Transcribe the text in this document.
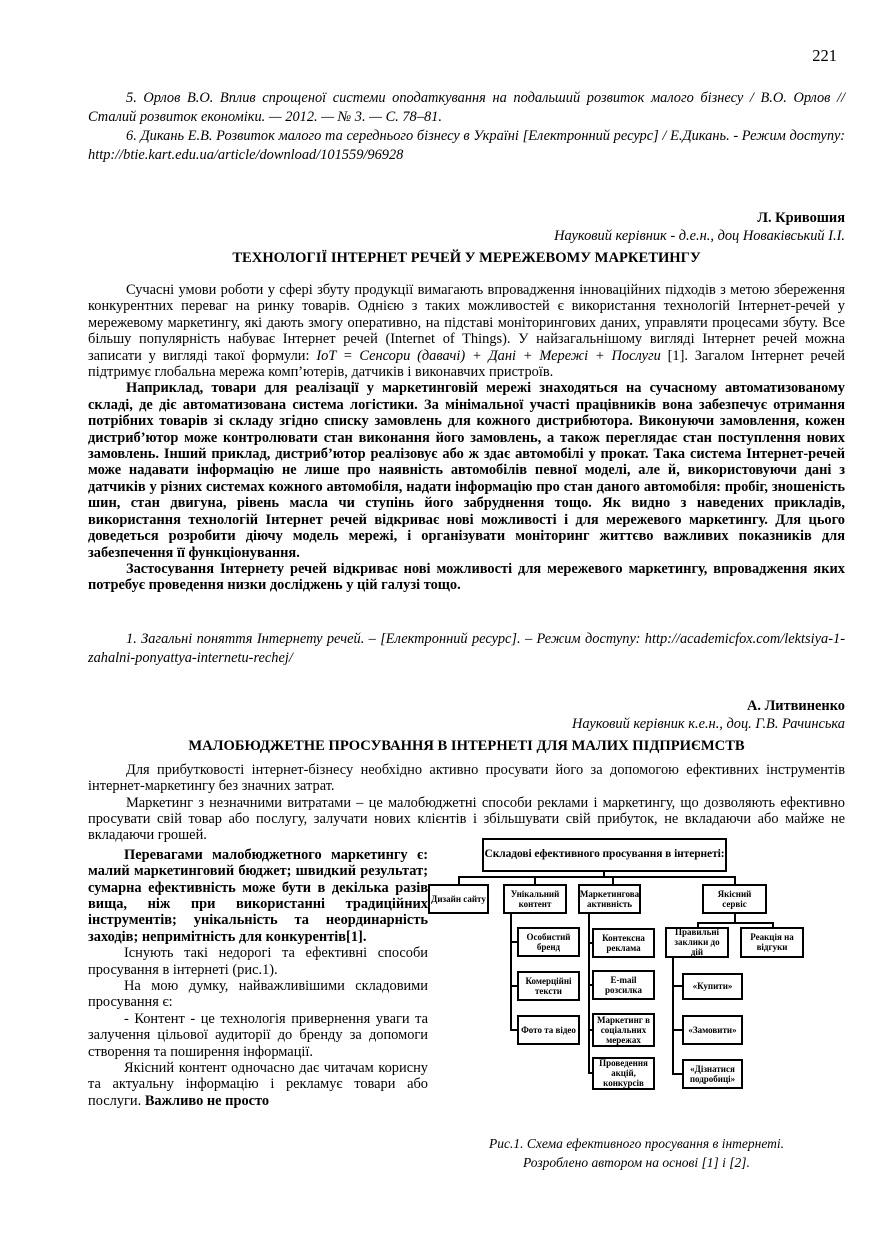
221

5. Орлов В.О. Вплив спрощеної системи оподаткування на подальший розвиток малого бізнесу / В.О. Орлов // Сталий розвиток економіки. — 2012. — № 3. — С. 78–81.

6. Дикань Е.В. Розвиток малого та середнього бізнесу в Україні [Електронний ресурс] / Е.Дикань. - Режим доступу: http://btie.kart.edu.ua/article/download/101559/96928

Л. Кривошия
Науковий керівник - д.е.н., доц Новаківський І.І.
ТЕХНОЛОГІЇ ІНТЕРНЕТ РЕЧЕЙ У МЕРЕЖЕВОМУ МАРКЕТИНГУ

Сучасні умови роботи у сфері збуту продукції вимагають впровадження інноваційних підходів з метою збереження конкурентних переваг на ринку товарів. Однією з таких можливостей є використання технологій Інтернет-речей у мережевому маркетингу, які дають змогу оперативно, на підставі моніторингових даних, управляти процесами збуту. Все більшу популярність набуває Інтернет речей (Internet of Things). У найзагальнішому вигляді Інтернет речей можна записати у вигляді такої формули: IoT = Сенсори (давачі) + Дані + Мережі + Послуги [1]. Загалом Інтернет речей підтримує глобальна мережа комп’ютерів, датчиків і виконавчих пристроїв.

Наприклад, товари для реалізації у маркетинговій мережі знаходяться на сучасному автоматизованому складі, де діє автоматизована система логістики. За мінімальної участі працівників вона забезпечує отримання потрібних товарів зі складу згідно списку замовлень для кожного дистрибютора. Виконуючи замовлення, кожен дистриб’ютор може контролювати стан виконання його замовлень, а також переглядає стан поступлення нових замовлень. Інший приклад, дистриб’ютор реалізовує або ж здає автомобілі у прокат. Така система Інтернет-речей може надавати інформацію не лише про наявність автомобілів певної моделі, але й, використовуючи дані з датчиків у різних системах кожного автомобіля, надати інформацію про стан даного автомобіля: пробіг, зношеність шин, стан двигуна, рівень масла чи ступінь його забруднення тощо. Як видно з наведених прикладів, використання технологій Інтернет речей відкриває нові можливості і для мережевого маркетингу. Для цього доведеться розробити діючу модель мережі, і організувати моніторинг життєво важливих показників для забезпечення її функціонування.

Застосування Інтернету речей відкриває нові можливості для мережевого маркетингу, впровадження яких потребує проведення низки досліджень у цій галузі тощо.

1. Загальні поняття Інтернету речей. – [Електронний ресурс]. – Режим доступу: http://academicfox.com/lektsiya-1-zahalni-ponyattya-internetu-rechej/

А. Литвиненко
Науковий керівник к.е.н., доц. Г.В. Рачинська
МАЛОБЮДЖЕТНЕ ПРОСУВАННЯ В ІНТЕРНЕТІ ДЛЯ МАЛИХ ПІДПРИЄМСТВ

Для прибутковості інтернет-бізнесу необхідно активно просувати його за допомогою ефективних інструментів інтернет-маркетингу без значних затрат.

Маркетинг з незначними витратами – це малобюджетні способи реклами і маркетингу, що дозволяють ефективно просувати свій товар або послугу, залучати нових клієнтів і збільшувати свій прибуток, не вкладаючи або майже не вкладаючи грошей.

Перевагами малобюджетного маркетингу є: малий маркетинговий бюджет; швидкий результат; сумарна ефективність може бути в декілька разів вища, ніж при використанні традиційних інструментів; унікальність та неординарність заходів; непримітність для конкурентів[1].

Існують такі недорогі та ефективні способи просування в інтернеті (рис.1).

На мою думку, найважливішими складовими просування є:

- Контент - це технологія привернення уваги та залучення цільової аудиторії до бренду за допомоги створення та поширення інформації.

Якісний контент одночасно дає читачам корисну та актуальну інформацію і рекламує товари або послуги. Важливо не просто

Складові ефективного просування в інтернеті:
Дизайн сайту
Унікальний контент
Маркетингова активність
Якісний сервіс
Правильні заклики до дій
Реакція на відгуки
Особистий бренд
Комерційні тексти
Фото та відео
Контексна реклама
E-mail розсилка
Маркетинг в соціальних мережах
Проведення акцій, конкурсів
«Купити»
«Замовити»
«Дізнатися подробиці»
Рис.1. Схема ефективного просування в інтернеті.
Розроблено автором на основі [1] і [2].
